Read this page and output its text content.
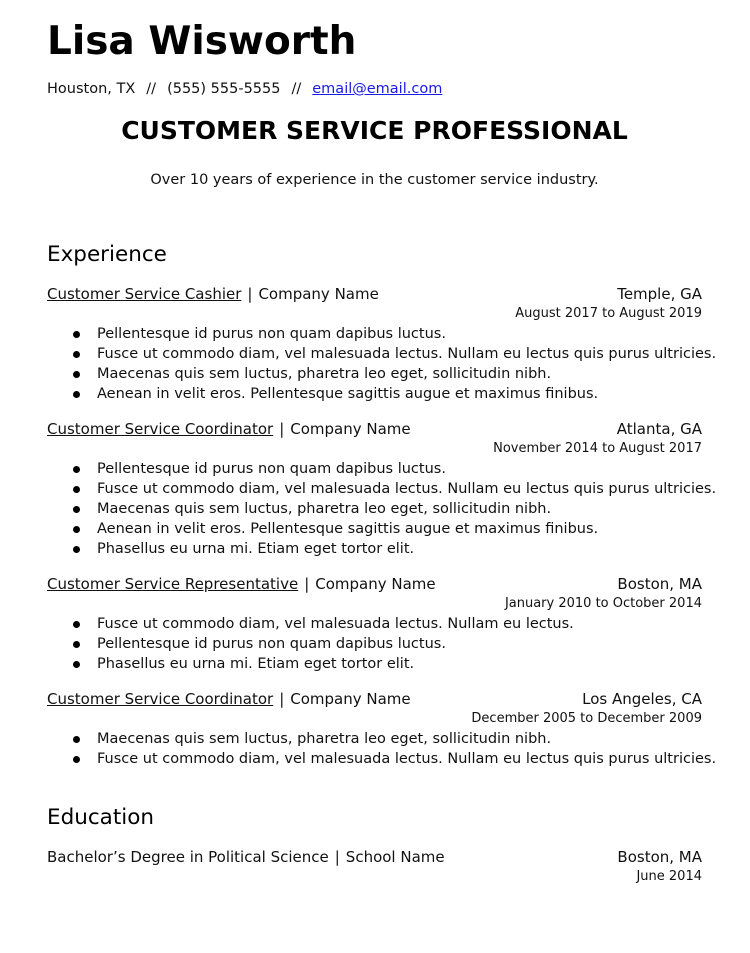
Lisa Wisworth
Houston, TX // (555) 555-5555 // email@email.com
CUSTOMER SERVICE PROFESSIONAL
Over 10 years of experience in the customer service industry.
Experience
Customer Service Cashier | Company Name	Temple, GA
August 2017 to August 2019
Pellentesque id purus non quam dapibus luctus.
Fusce ut commodo diam, vel malesuada lectus. Nullam eu lectus quis purus ultricies.
Maecenas quis sem luctus, pharetra leo eget, sollicitudin nibh.
Aenean in velit eros. Pellentesque sagittis augue et maximus finibus.
Customer Service Coordinator | Company Name	Atlanta, GA
November 2014 to August 2017
Pellentesque id purus non quam dapibus luctus.
Fusce ut commodo diam, vel malesuada lectus. Nullam eu lectus quis purus ultricies.
Maecenas quis sem luctus, pharetra leo eget, sollicitudin nibh.
Aenean in velit eros. Pellentesque sagittis augue et maximus finibus.
Phasellus eu urna mi. Etiam eget tortor elit.
Customer Service Representative | Company Name	Boston, MA
January 2010 to October 2014
Fusce ut commodo diam, vel malesuada lectus. Nullam eu lectus.
Pellentesque id purus non quam dapibus luctus.
Phasellus eu urna mi. Etiam eget tortor elit.
Customer Service Coordinator | Company Name	Los Angeles, CA
December 2005 to December 2009
Maecenas quis sem luctus, pharetra leo eget, sollicitudin nibh.
Fusce ut commodo diam, vel malesuada lectus. Nullam eu lectus quis purus ultricies.
Education
Bachelor’s Degree in Political Science | School Name	Boston, MA
June 2014
